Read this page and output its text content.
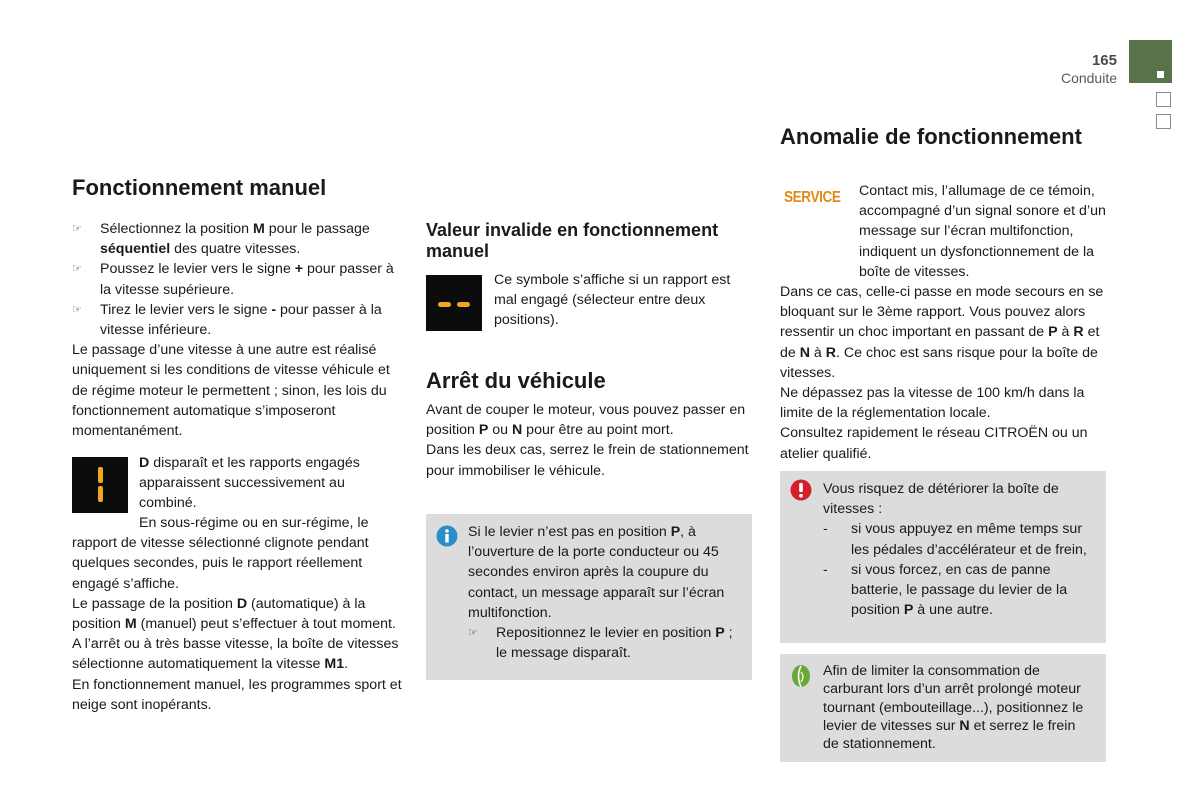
165
Conduite
Fonctionnement manuel
☞ Sélectionnez la position M pour le passage séquentiel des quatre vitesses.
☞ Poussez le levier vers le signe + pour passer à la vitesse supérieure.
☞ Tirez le levier vers le signe - pour passer à la vitesse inférieure.

Le passage d’une vitesse à une autre est réalisé uniquement si les conditions de vitesse véhicule et de régime moteur le permettent ; sinon, les lois du fonctionnement automatique s’imposeront momentanément.

D disparaît et les rapports engagés apparaissent successivement au combiné.

En sous-régime ou en sur-régime, le rapport de vitesse sélectionné clignote pendant quelques secondes, puis le rapport réellement engagé s’affiche.

Le passage de la position D (automatique) à la position M (manuel) peut s’effectuer à tout moment.

A l’arrêt ou à très basse vitesse, la boîte de vitesses sélectionne automatiquement la vitesse M1.

En fonctionnement manuel, les programmes sport et neige sont inopérants.

Valeur invalide en fonctionnement manuel
Ce symbole s’affiche si un rapport est mal engagé (sélecteur entre deux positions).
Arrêt du véhicule

Avant de couper le moteur, vous pouvez passer en position P ou N pour être au point mort.

Dans les deux cas, serrez le frein de stationnement pour immobiliser le véhicule.

Si le levier n’est pas en position P, à l’ouverture de la porte conducteur ou 45 secondes environ après la coupure du contact, un message apparaît sur l’écran multifonction.

☞ Repositionnez le levier en position P ; le message disparaît.
Anomalie de fonctionnement
SERVICE	Contact mis, l’allumage de ce témoin, accompagné d’un signal sonore et d’un message sur l’écran multifonction, indiquent un dysfonctionnement de la boîte de vitesses.

Dans ce cas, celle-ci passe en mode secours en se bloquant sur le 3ème rapport. Vous pouvez alors ressentir un choc important en passant de P à R et de N à R. Ce choc est sans risque pour la boîte de vitesses.

Ne dépassez pas la vitesse de 100 km/h dans la limite de la réglementation locale.

Consultez rapidement le réseau CITROËN ou un atelier qualifié.

Vous risquez de détériorer la boîte de vitesses :

- si vous appuyez en même temps sur les pédales d’accélérateur et de frein,
- si vous forcez, en cas de panne batterie, le passage du levier de la position P à une autre.

Afin de limiter la consommation de carburant lors d’un arrêt prolongé moteur tournant (embouteillage...), positionnez le levier de vitesses sur N et serrez le frein de stationnement.
